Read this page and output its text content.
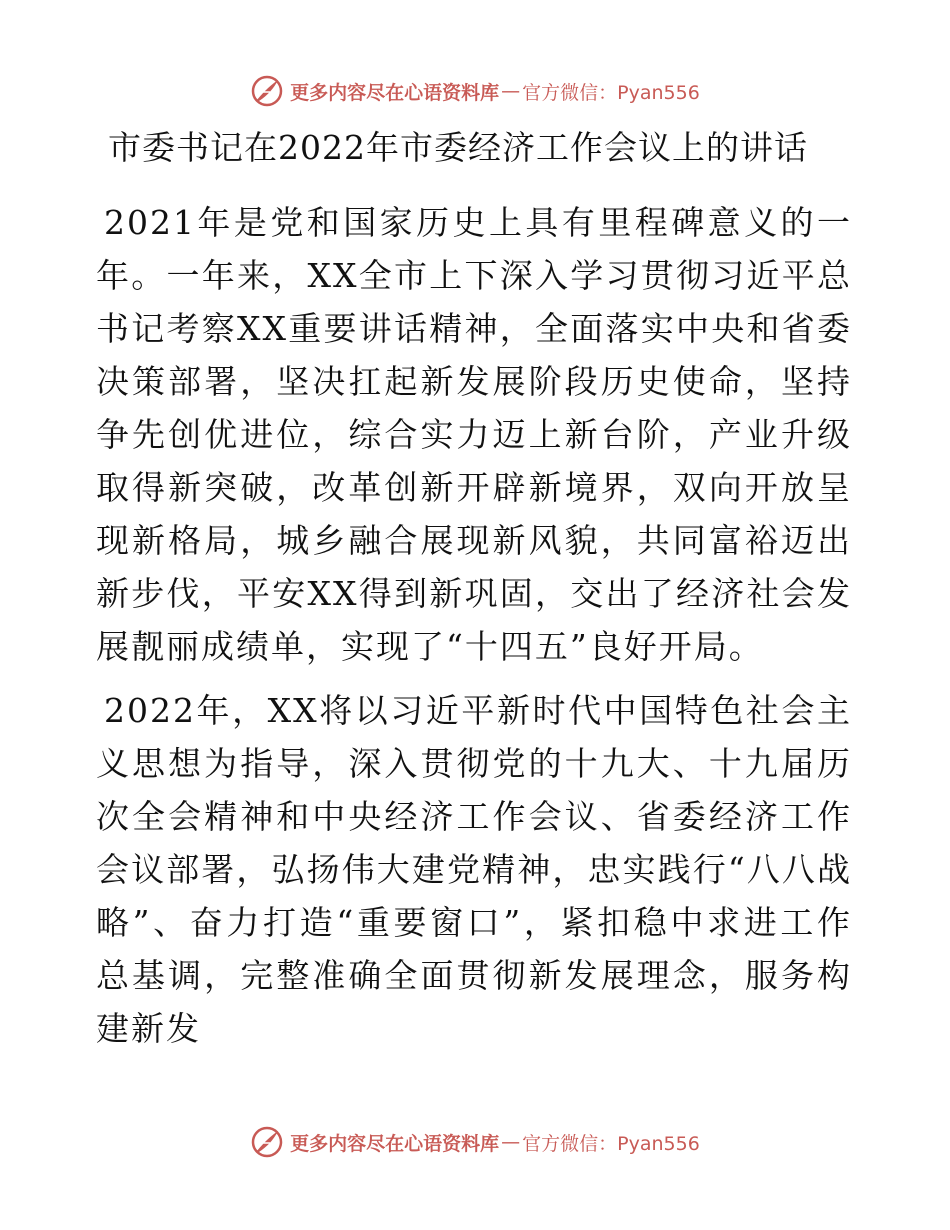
更多内容尽在心语资料库 — 官方微信：Pyan556
市委书记在2022年市委经济工作会议上的讲话

2021年是党和国家历史上具有里程碑意义的一年。一年来，XX全市上下深入学习贯彻习近平总书记考察XX重要讲话精神，全面落实中央和省委决策部署，坚决扛起新发展阶段历史使命，坚持争先创优进位，综合实力迈上新台阶，产业升级取得新突破，改革创新开辟新境界，双向开放呈现新格局，城乡融合展现新风貌，共同富裕迈出新步伐，平安XX得到新巩固，交出了经济社会发展靓丽成绩单，实现了“十四五”良好开局。

2022年，XX将以习近平新时代中国特色社会主义思想为指导，深入贯彻党的十九大、十九届历次全会精神和中央经济工作会议、省委经济工作会议部署，弘扬伟大建党精神，忠实践行“八八战略”、奋力打造“重要窗口”，紧扣稳中求进工作总基调，完整准确全面贯彻新发展理念，服务构建新发

更多内容尽在心语资料库 — 官方微信：Pyan556
